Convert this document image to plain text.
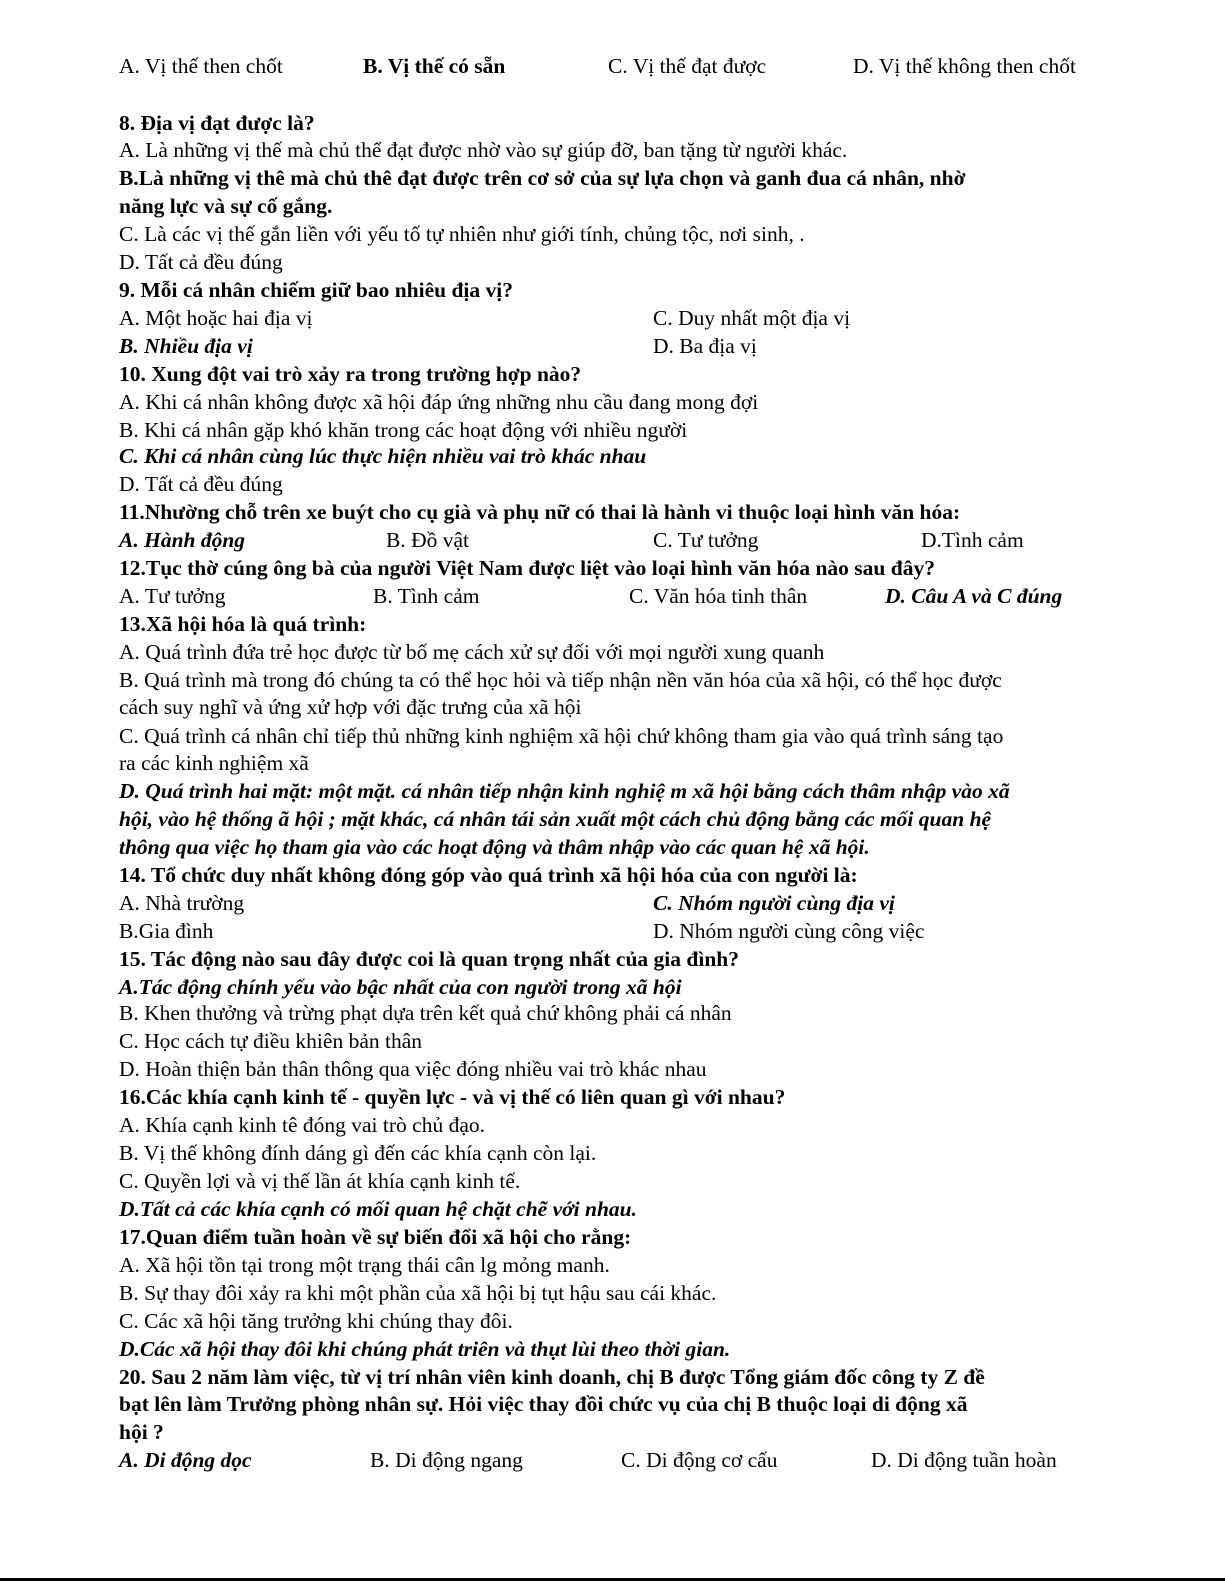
A. Vị thế then chốt	B. Vị thế có sẵn	C. Vị thế đạt được	D. Vị thế không then chốt
8. Địa vị đạt được là?
A. Là những vị thế mà chủ thể đạt được nhờ vào sự giúp đỡ, ban tặng từ người khác.
B.Là những vị thê mà chủ thê đạt được trên cơ sở của sự lựa chọn và ganh đua cá nhân, nhờ
năng lực và sự cố gắng.
C. Là các vị thế gắn liền với yếu tố tự nhiên như giới tính, chủng tộc, nơi sinh, .
D. Tất cả đều đúng
9. Mỗi cá nhân chiếm giữ bao nhiêu địa vị?
A. Một hoặc hai địa vị	C. Duy nhất một địa vị
B. Nhiều địa vị	D. Ba địa vị
10. Xung đột vai trò xảy ra trong trường hợp nào?
A. Khi cá nhân không được xã hội đáp ứng những nhu cầu đang mong đợi
B. Khi cá nhân gặp khó khăn trong các hoạt động với nhiều người
C. Khi cá nhân cùng lúc thực hiện nhiều vai trò khác nhau
D. Tất cả đều đúng
11.Nhường chỗ trên xe buýt cho cụ già và phụ nữ có thai là hành vi thuộc loại hình văn hóa:
A. Hành động	B. Đồ vật	C. Tư tưởng	D.Tình cảm
12.Tục thờ cúng ông bà của người Việt Nam được liệt vào loại hình văn hóa nào sau đây?
A. Tư tưởng	B. Tình cảm	C. Văn hóa tinh thân	D. Câu A và C đúng
13.Xã hội hóa là quá trình:
A. Quá trình đứa trẻ học được từ bố mẹ cách xử sự đối với mọi người xung quanh
B. Quá trình mà trong đó chúng ta có thể học hỏi và tiếp nhận nền văn hóa của xã hội, có thể học được
cách suy nghĩ và ứng xử hợp với đặc trưng của xã hội
C. Quá trình cá nhân chỉ tiếp thủ những kinh nghiệm xã hội chứ không tham gia vào quá trình sáng tạo
ra các kinh nghiệm xã
D. Quá trình hai mặt: một mặt. cá nhân tiếp nhận kinh nghiệ m xã hội bằng cách thâm nhập vào xã
hội, vào hệ thống ã hội ; mặt khác, cá nhân tái sản xuất một cách chủ động bằng các mối quan hệ
thông qua việc họ tham gia vào các hoạt động và thâm nhập vào các quan hệ xã hội.
14. Tổ chức duy nhất không đóng góp vào quá trình xã hội hóa của con người là:
A. Nhà trường	C. Nhóm người cùng địa vị
B.Gia đình	D. Nhóm người cùng công việc
15. Tác động nào sau đây được coi là quan trọng nhất của gia đình?
A.Tác động chính yếu vào bậc nhất của con người trong xã hội
B. Khen thưởng và trừng phạt dựa trên kết quả chứ không phải cá nhân
C. Học cách tự điều khiên bản thân
D. Hoàn thiện bản thân thông qua việc đóng nhiều vai trò khác nhau
16.Các khía cạnh kinh tế - quyền lực - và vị thế có liên quan gì với nhau?
A. Khía cạnh kinh tê đóng vai trò chủ đạo.
B. Vị thế không đính dáng gì đến các khía cạnh còn lại.
C. Quyền lợi và vị thế lần át khía cạnh kinh tế.
D.Tất cả các khía cạnh có mối quan hệ chặt chẽ với nhau.
17.Quan điểm tuần hoàn về sự biến đổi xã hội cho rằng:
A. Xã hội tồn tại trong một trạng thái cân lg mỏng manh.
B. Sự thay đôi xảy ra khi một phần của xã hội bị tụt hậu sau cái khác.
C. Các xã hội tăng trưởng khi chúng thay đôi.
D.Các xã hội thay đôi khi chúng phát triên và thụt lùi theo thời gian.
20. Sau 2 năm làm việc, từ vị trí nhân viên kinh doanh, chị B được Tổng giám đốc công ty Z đề
bạt lên làm Trưởng phòng nhân sự. Hỏi việc thay đồi chức vụ của chị B thuộc loại di động xã
hội ?
A. Di động dọc	B. Di động ngang	C. Di động cơ cấu	D. Di động tuần hoàn
